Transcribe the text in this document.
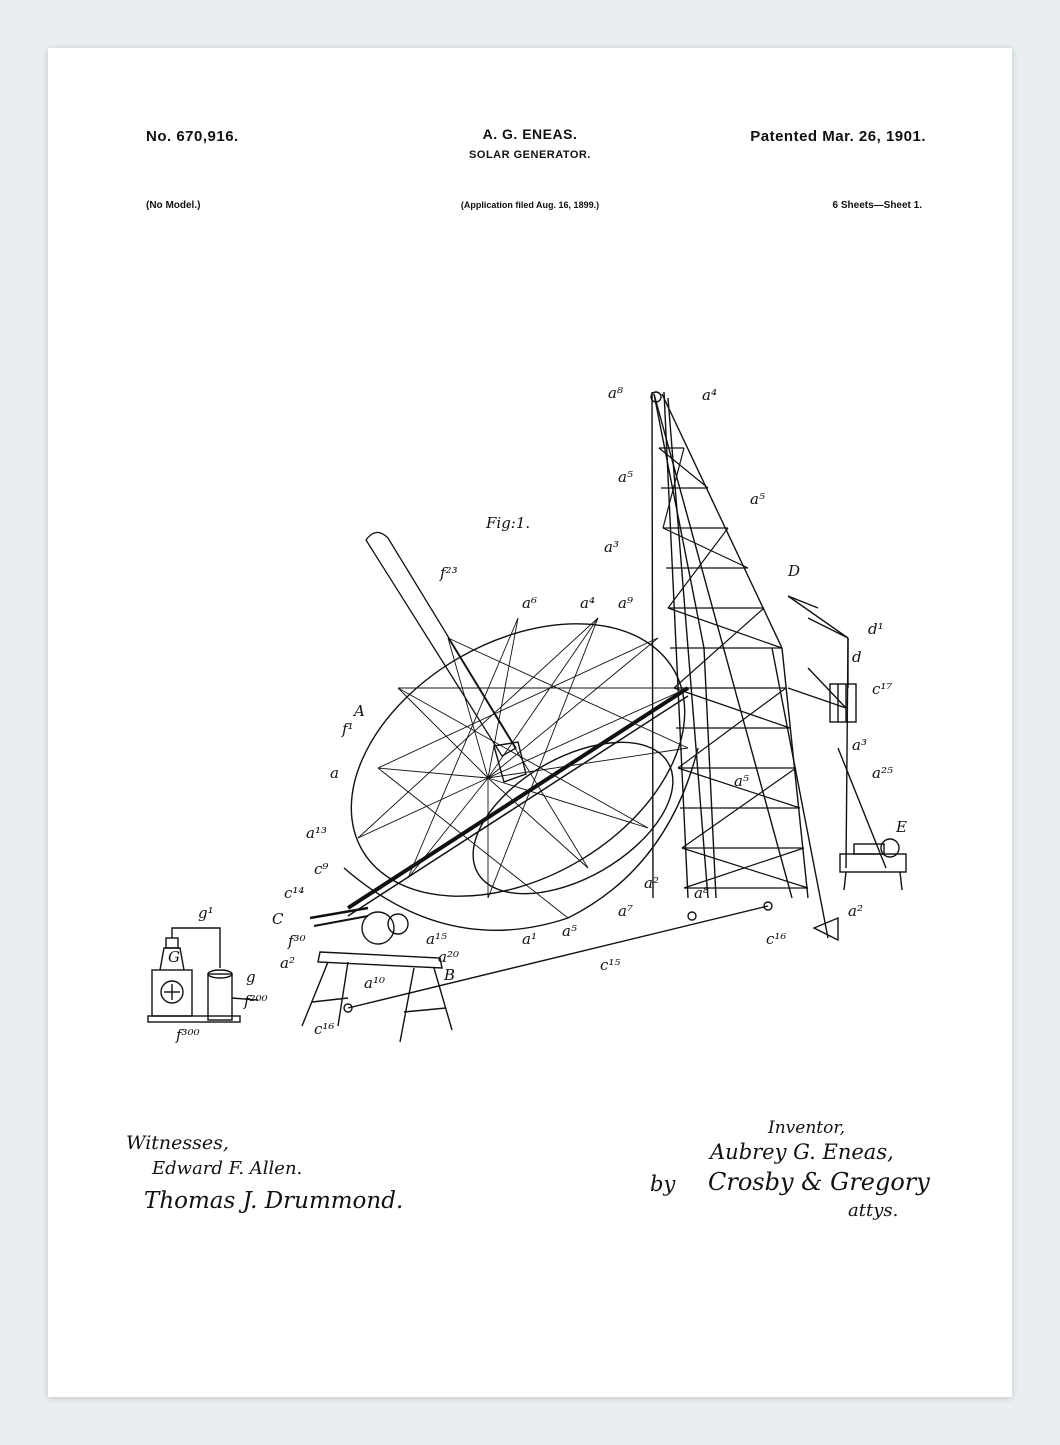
No. 670,916.	A. G. ENEAS.
SOLAR GENERATOR.
Patented Mar. 26, 1901.
(No Model.)	(Application filed Aug. 16, 1899.)	6 Sheets—Sheet 1.
Fig:1.
f²³
a⁶	a⁴ a⁹
a³
D
a⁸	a⁴
a⁵
a⁵
A
f¹
a
d¹
d
c¹⁷
a¹³
a³
a²⁵
a⁵
E
c⁹
c¹⁴
C
f³⁰	a¹⁵
a²⁰
a²
B
a¹⁰
a⁷
a¹ a⁵
a²
a⁸
c¹⁶
a²
c¹⁵
c¹⁶
g¹
G
g
f²⁰⁰
f³⁰⁰
Witnesses,
Edward F. Allen.
Thomas J. Drummond.
Inventor,
Aubrey G. Eneas,
by Crosby & Gregory
attys.
